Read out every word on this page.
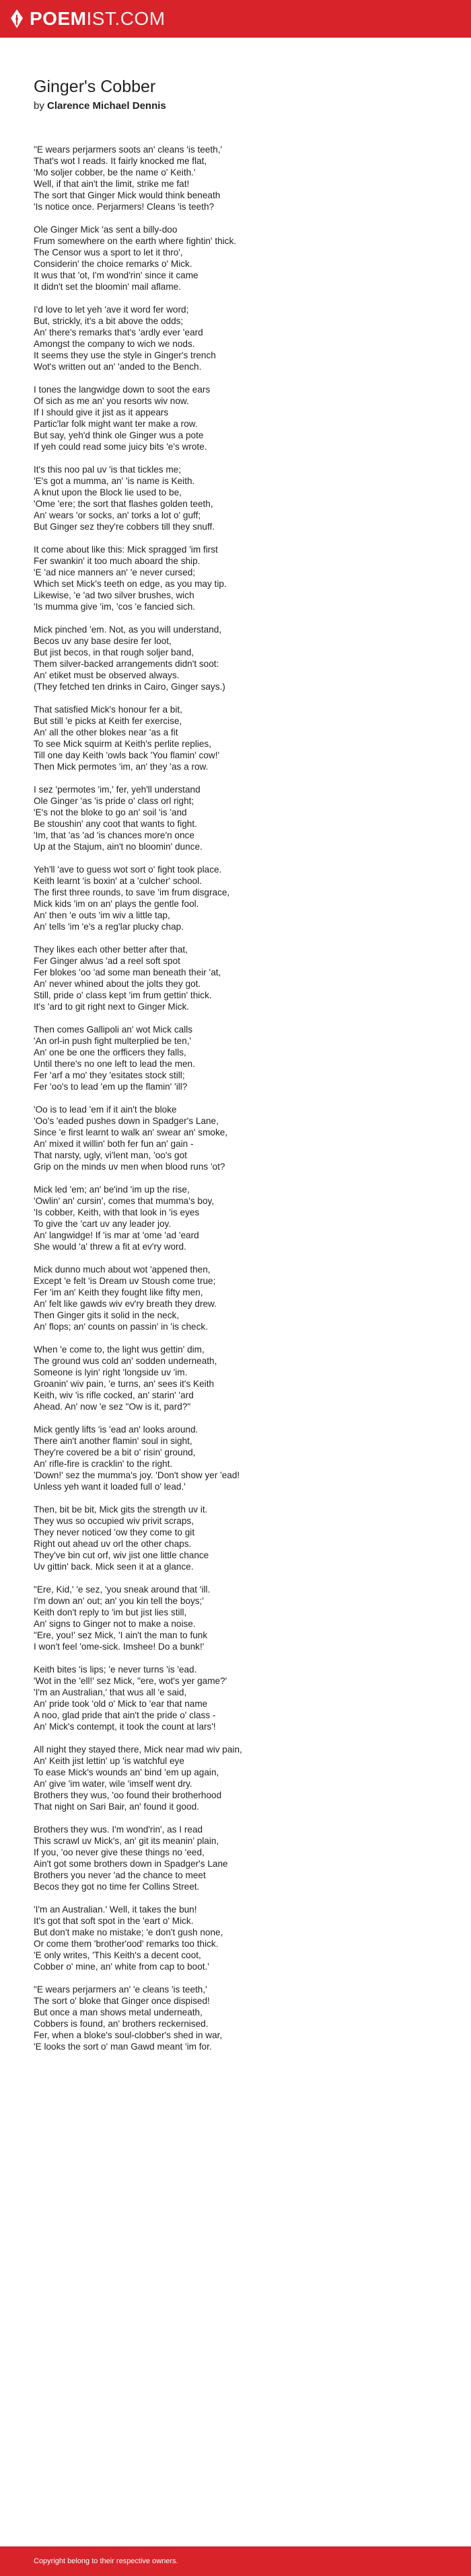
POEMIST.COM
Ginger's Cobber
by Clarence Michael Dennis
"E wears perjarmers soots an' cleans 'is teeth,'
That's wot I reads. It fairly knocked me flat,
'Mo soljer cobber, be the name o' Keith.'
Well, if that ain't the limit, strike me fat!
The sort that Ginger Mick would think beneath
'Is notice once. Perjarmers! Cleans 'is teeth?
Ole Ginger Mick 'as sent a billy-doo
Frum somewhere on the earth where fightin' thick.
The Censor wus a sport to let it thro',
Considerin' the choice remarks o' Mick.
It wus that 'ot, I'm wond'rin' since it came
It didn't set the bloomin' mail aflame.
I'd love to let yeh 'ave it word fer word;
But, strickly, it's a bit above the odds;
An' there's remarks that's 'ardly ever 'eard
Amongst the company to wich we nods.
It seems they use the style in Ginger's trench
Wot's written out an' 'anded to the Bench.
I tones the langwidge down to soot the ears
Of sich as me an' you resorts wiv now.
If I should give it jist as it appears
Partic'lar folk might want ter make a row.
But say, yeh'd think ole Ginger wus a pote
If yeh could read some juicy bits 'e's wrote.
It's this noo pal uv 'is that tickles me;
'E's got a mumma, an' 'is name is Keith.
A knut upon the Block lie used to be,
'Ome 'ere; the sort that flashes golden teeth,
An' wears 'or socks, an' torks a lot o' guff;
But Ginger sez they're cobbers till they snuff.
It come about like this: Mick spragged 'im first
Fer swankin' it too much aboard the ship.
'E 'ad nice manners an' 'e never cursed;
Which set Mick's teeth on edge, as you may tip.
Likewise, 'e 'ad two silver brushes, wich
'Is mumma give 'im, 'cos 'e fancied sich.
Mick pinched 'em. Not, as you will understand,
Becos uv any base desire fer loot,
But jist becos, in that rough soljer band,
Them silver-backed arrangements didn't soot:
An' etiket must be observed always.
(They fetched ten drinks in Cairo, Ginger says.)
That satisfied Mick's honour fer a bit,
But still 'e picks at Keith fer exercise,
An' all the other blokes near 'as a fit
To see Mick squirm at Keith's perlite replies,
Till one day Keith 'owls back 'You flamin' cow!'
Then Mick permotes 'im, an' they 'as a row.
I sez 'permotes 'im,' fer, yeh'll understand
Ole Ginger 'as 'is pride o' class orl right;
'E's not the bloke to go an' soil 'is 'and
Be stoushin' any coot that wants to fight.
'Im, that 'as 'ad 'is chances more'n once
Up at the Stajum, ain't no bloomin' dunce.
Yeh'll 'ave to guess wot sort o' fight took place.
Keith learnt 'is boxin' at a 'culcher' school.
The first three rounds, to save 'im frum disgrace,
Mick kids 'im on an' plays the gentle fool.
An' then 'e outs 'im wiv a little tap,
An' tells 'im 'e's a reg'lar plucky chap.
They likes each other better after that,
Fer Ginger alwus 'ad a reel soft spot
Fer blokes 'oo 'ad some man beneath their 'at,
An' never whined about the jolts they got.
Still, pride o' class kept 'im frum gettin' thick.
It's 'ard to git right next to Ginger Mick.
Then comes Gallipoli an' wot Mick calls
'An orl-in push fight multerplied be ten,'
An' one be one the orfficers they falls,
Until there's no one left to lead the men.
Fer 'arf a mo' they 'esitates stock still;
Fer 'oo's to lead 'em up the flamin' 'ill?
'Oo is to lead 'em if it ain't the bloke
'Oo's 'eaded pushes down in Spadger's Lane,
Since 'e first learnt to walk an' swear an' smoke,
An' mixed it willin' both fer fun an' gain -
That narsty, ugly, vi'lent man, 'oo's got
Grip on the minds uv men when blood runs 'ot?
Mick led 'em; an' be'ind 'im up the rise,
'Owlin' an' cursin', comes that mumma's boy,
'Is cobber, Keith, with that look in 'is eyes
To give the 'cart uv any leader joy.
An' langwidge! If 'is mar at 'ome 'ad 'eard
She would 'a' threw a fit at ev'ry word.
Mick dunno much about wot 'appened then,
Except 'e felt 'is Dream uv Stoush come true;
Fer 'im an' Keith they fought like fifty men,
An' felt like gawds wiv ev'ry breath they drew.
Then Ginger gits it solid in the neck,
An' flops; an' counts on passin' in 'is check.
When 'e come to, the light wus gettin' dim,
The ground wus cold an' sodden underneath,
Someone is lyin' right 'longside uv 'im.
Groanin' wiv pain, 'e turns, an' sees it's Keith
Keith, wiv 'is rifle cocked, an' starin' 'ard
Ahead. An' now 'e sez "Ow is it, pard?"
Mick gently lifts 'is 'ead an' looks around.
There ain't another flamin' soul in sight,
They're covered be a bit o' risin' ground,
An' rifle-fire is cracklin' to the right.
'Down!' sez the mumma's joy. 'Don't show yer 'ead!
Unless yeh want it loaded full o' lead.'
Then, bit be bit, Mick gits the strength uv it.
They wus so occupied wiv privit scraps,
They never noticed 'ow they come to git
Right out ahead uv orl the other chaps.
They've bin cut orf, wiv jist one little chance
Uv gittin' back. Mick seen it at a glance.
"Ere, Kid,' 'e sez, 'you sneak around that 'ill.
I'm down an' out; an' you kin tell the boys;'
Keith don't reply to 'im but jist lies still,
An' signs to Ginger not to make a noise.
"Ere, you!' sez Mick, 'I ain't the man to funk
I won't feel 'ome-sick. Imshee! Do a bunk!'
Keith bites 'is lips; 'e never turns 'is 'ead.
'Wot in the 'ell!' sez Mick, "ere, wot's yer game?'
'I'm an Australian,' that wus all 'e said,
An' pride took 'old o' Mick to 'ear that name
A noo, glad pride that ain't the pride o' class -
An' Mick's contempt, it took the count at lars'!
All night they stayed there, Mick near mad wiv pain,
An' Keith jist lettin' up 'is watchful eye
To ease Mick's wounds an' bind 'em up again,
An' give 'im water, wile 'imself went dry.
Brothers they wus, 'oo found their brotherhood
That night on Sari Bair, an' found it good.
Brothers they wus. I'm wond'rin', as I read
This scrawl uv Mick's, an' git its meanin' plain,
If you, 'oo never give these things no 'eed,
Ain't got some brothers down in Spadger's Lane
Brothers you never 'ad the chance to meet
Becos they got no time fer Collins Street.
'I'm an Australian.' Well, it takes the bun!
It's got that soft spot in the 'eart o' Mick.
But don't make no mistake; 'e don't gush none,
Or come them 'brother'ood' remarks too thick.
'E only writes, 'This Keith's a decent coot,
Cobber o' mine, an' white from cap to boot.'
"E wears perjarmers an' 'e cleans 'is teeth,'
The sort o' bloke that Ginger once dispised!
But once a man shows metal underneath,
Cobbers is found, an' brothers reckernised.
Fer, when a bloke's soul-clobber's shed in war,
'E looks the sort o' man Gawd meant 'im for.
Copyright belong to their respective owners.
